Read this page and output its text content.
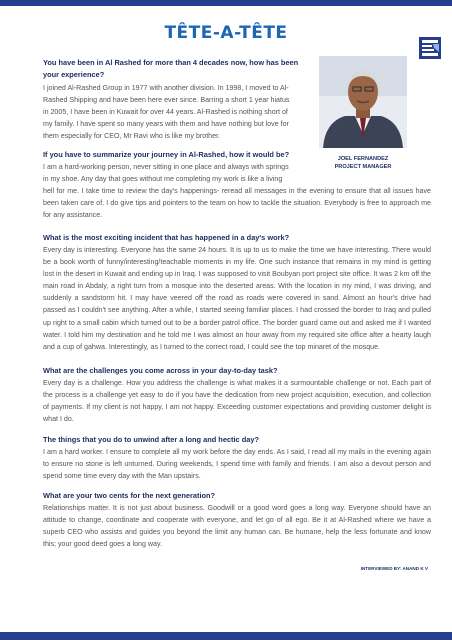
TÊTE-A-TÊTE
You have been in Al Rashed for more than 4 decades now, how has been
your experience?
I joined Al-Rashed Group in 1977 with another division. In 1998, I moved to Al-
Rashed Shipping and have been here ever since. Barring a short 1 year hiatus
in 2005, I have been in Kuwait for over 44 years. Al-Rashed is nothing short of
my family. I have spent so many years with them and have nothing but love for
them especially for CEO, Mr Ravi who is like my brother.
JOEL FERNANDEZ
PROJECT MANAGER
If you have to summarize your journey in Al-Rashed, how it would be?
I am a hard-working person, never sitting in one place and always with springs
in my shoe. Any day that goes without me completing my work is like a living
hell for me. I take time to review the day's happenings- reread all messages in the evening to ensure that all issues have been taken care of. I do give tips and pointers to the team on how to tackle the situation. Everybody is free to approach me for any assistance.
What is the most exciting incident that has happened in a day's work?
Every day is interesting. Everyone has the same 24 hours. It is up to us to make the time we have interesting. There would be a book worth of funny/interesting/teachable moments in my life. One such instance that remains in my mind is getting lost in the desert in Kuwait and ending up in Iraq. I was supposed to visit Boubyan port project site office. It was 2 km off the main road in Abdaly, a right turn from a mosque into the deserted areas. With the location in my mind, I was driving, and suddenly a sandstorm hit. I may have veered off the road as roads were covered in sand. Almost an hour's drive had passed as I couldn't see anything. After a while, I started seeing familiar places. I had crossed the border to Iraq and pulled up right to a small cabin which turned out to be a border patrol office. The border guard came out and asked me if I wanted water. I told him my destination and he told me I was almost an hour away from my required site office after a hearty laugh and a cup of gahwa. Interestingly, as I turned to the correct road, I could see the top minaret of the mosque.
What are the challenges you come across in your day-to-day task?
Every day is a challenge. How you address the challenge is what makes it a surmountable challenge or not. Each part of the process is a challenge yet easy to do if you have the dedication from new project acquisition, execution, and collection of payments. If my client is not happy, I am not happy. Exceeding customer expectations and providing customer delight is what I do.
The things that you do to unwind after a long and hectic day?
I am a hard worker. I ensure to complete all my work before the day ends. As I said, I read all my mails in the evening again to ensure no stone is left unturned. During weekends, I spend time with family and friends. I am also a devout person and spend some time every day with the Man upstairs.
What are your two cents for the next generation?
Relationships matter. It is not just about business. Goodwill or a good word goes a long way. Everyone should have an attitude to change, coordinate and cooperate with everyone, and let go of all ego. Be it at Al-Rashed where we have a superb CEO who assists and guides you beyond the limit any human can. Be humane, help the less fortunate and know this; your good deed goes a long way.
INTERVIEWED BY: ANAND K V
